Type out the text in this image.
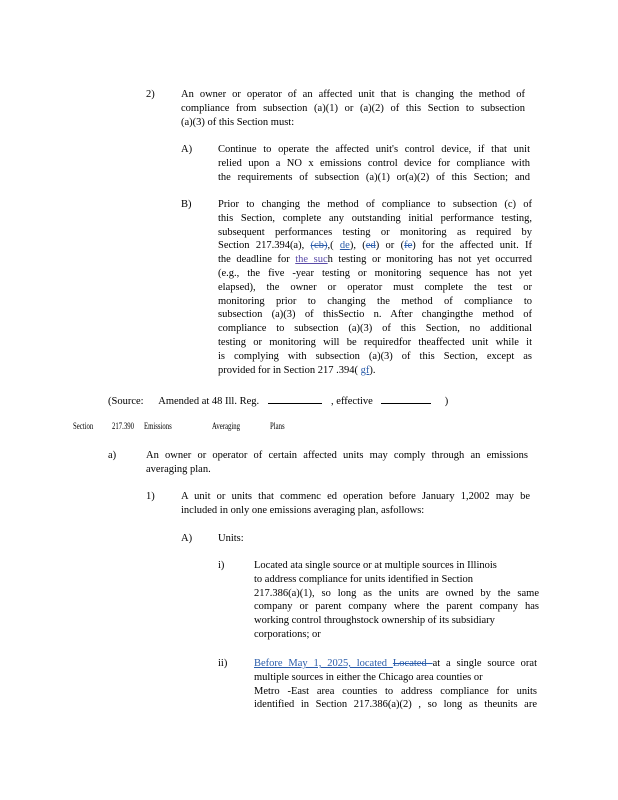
2)	An owner or operator of an affected unit that is changing the method of
compliance from subsection (a)(1) or (a)(2) of this Section to subsection
(a)(3) of this Section must:
A) Continue to operate the affected unit's control device, if that unit
relied upon a NO x emissions control device for compliance with
the requirements of subsection (a)(1) or(a)(2) of this Section; and
B)	Prior to changing the method of compliance to subsection (c) of
this Section, complete any outstanding initial performance testing,
subsequent performances testing or monitoring as required by
Section 217.394(a), (cb),( de), (ed) or (fe) for the affected unit. If
the deadline for the such testing or monitoring has not yet occurred
(e.g., the five -year testing or monitoring sequence has not yet
elapsed), the owner or operator must complete the test or
monitoring prior to changing the method of compliance to
subsection (a)(3) of thisSectio n. After changingthe method of
compliance to subsection (a)(3) of this Section, no additional
testing or monitoring will be requiredfor theaffected unit while it
is complying with subsection (a)(3) of this Section, except as
provided for in Section 217 .394( gf).
(Source: Amended at 48 Ill. Reg.	, effective	)
Section 217.390 Emissions	Averaging	Plans
a)	An owner or operator of certain affected units may comply through an emissions
averaging plan.
1)	A unit or units that commenc ed operation before January 1,2002 may be
included in only one emissions averaging plan, asfollows:
A) Units:
i)	Located ata single source or at multiple sources in Illinois
to address compliance for units identified in Section
217.386(a)(1), so long as the units are owned by the same
company or parent company where the parent company has
working control throughstock ownership of its subsidiary
corporations; or
ii)	Before May 1, 2025, located Located at a single source orat
multiple sources in either the Chicago area counties or
Metro -East area counties to address compliance for units
identified in Section 217.386(a)(2) , so long as theunits are
